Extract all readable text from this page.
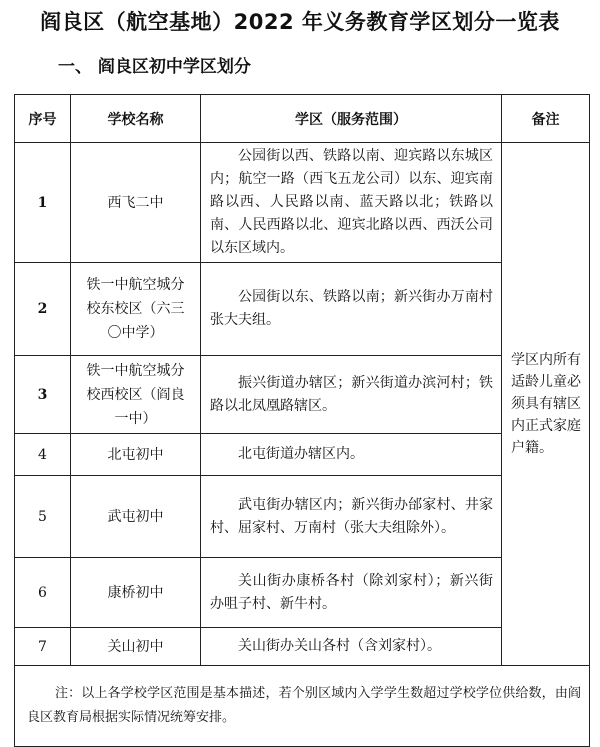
阎良区（航空基地）2022 年义务教育学区划分一览表
一、 阎良区初中学区划分
序号	学校名称	学区（服务范围）	备注
1	西飞二中	公园街以西、铁路以南、迎宾路以东城区内；航空一路（西飞五龙公司）以东、迎宾南路以西、人民路以南、蓝天路以北；铁路以南、人民西路以北、迎宾北路以西、西沃公司以东区域内。	学区内所有适龄儿童必须具有辖区内正式家庭户籍。
2	铁一中航空城分校东校区（六三〇中学）	公园街以东、铁路以南；新兴街办万南村张大夫组。	
3	铁一中航空城分校西校区（阎良一中）	振兴街道办辖区；新兴街道办滨河村；铁路以北凤凰路辖区。	
4	北屯初中	北屯街道办辖区内。	
5	武屯初中	武屯街办辖区内；新兴街办邰家村、井家村、屈家村、万南村（张大夫组除外）。	
6	康桥初中	关山街办康桥各村（除刘家村）；新兴街办咀子村、新牛村。	
7	关山初中	关山街办关山各村（含刘家村）。	
注：以上各学校学区范围是基本描述，若个别区域内入学学生数超过学校学位供给数，由阎良区教育局根据实际情况统筹安排。			
